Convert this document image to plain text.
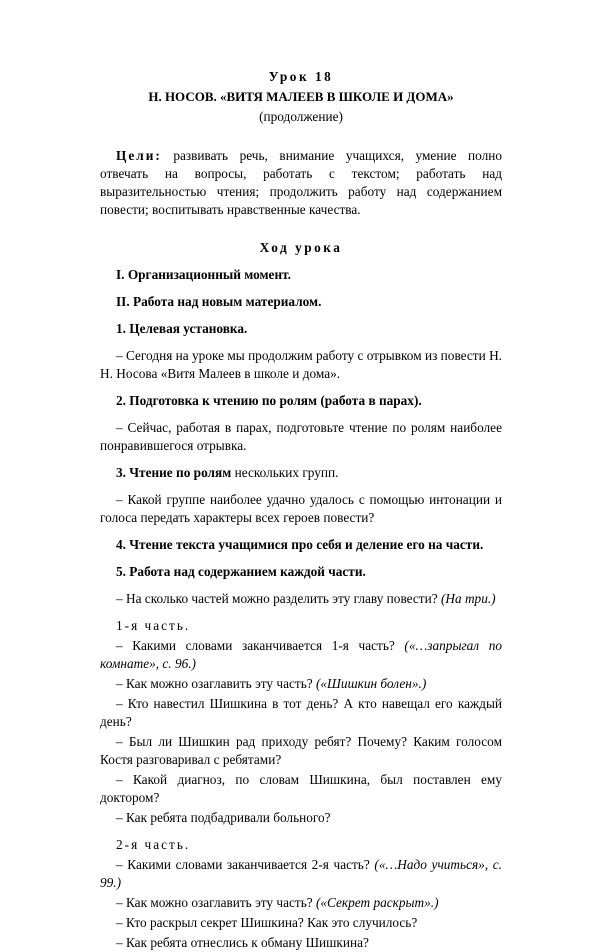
Урок 18
Н. НОСОВ. «ВИТЯ МАЛЕЕВ В ШКОЛЕ И ДОМА»
(продолжение)

Цели: развивать речь, внимание учащихся, умение полно отвечать на вопросы, работать с текстом; работать над выразительностью чтения; продолжить работу над содержанием повести; воспитывать нравственные качества.

Ход урока

I. Организационный момент.

II. Работа над новым материалом.

1. Целевая установка.

– Сегодня на уроке мы продолжим работу с отрывком из повести Н. Н. Носова «Витя Малеев в школе и дома».

2. Подготовка к чтению по ролям (работа в парах).

– Сейчас, работая в парах, подготовьте чтение по ролям наиболее понравившегося отрывка.

3. Чтение по ролям нескольких групп.

– Какой группе наиболее удачно удалось с помощью интонации и голоса передать характеры всех героев повести?

4. Чтение текста учащимися про себя и деление его на части.

5. Работа над содержанием каждой части.

– На сколько частей можно разделить эту главу повести? (На три.)

1-я часть.

– Какими словами заканчивается 1-я часть? («…запрыгал по комнате», с. 96.)

– Как можно озаглавить эту часть? («Шишкин болен».)

– Кто навестил Шишкина в тот день? А кто навещал его каждый день?

– Был ли Шишкин рад приходу ребят? Почему? Каким голосом Костя разговаривал с ребятами?

– Какой диагноз, по словам Шишкина, был поставлен ему доктором?

– Как ребята подбадривали больного?

2-я часть.

– Какими словами заканчивается 2-я часть? («…Надо учиться», с. 99.)

– Как можно озаглавить эту часть? («Секрет раскрыт».)

– Кто раскрыл секрет Шишкина? Как это случилось?

– Как ребята отнеслись к обману Шишкина?
